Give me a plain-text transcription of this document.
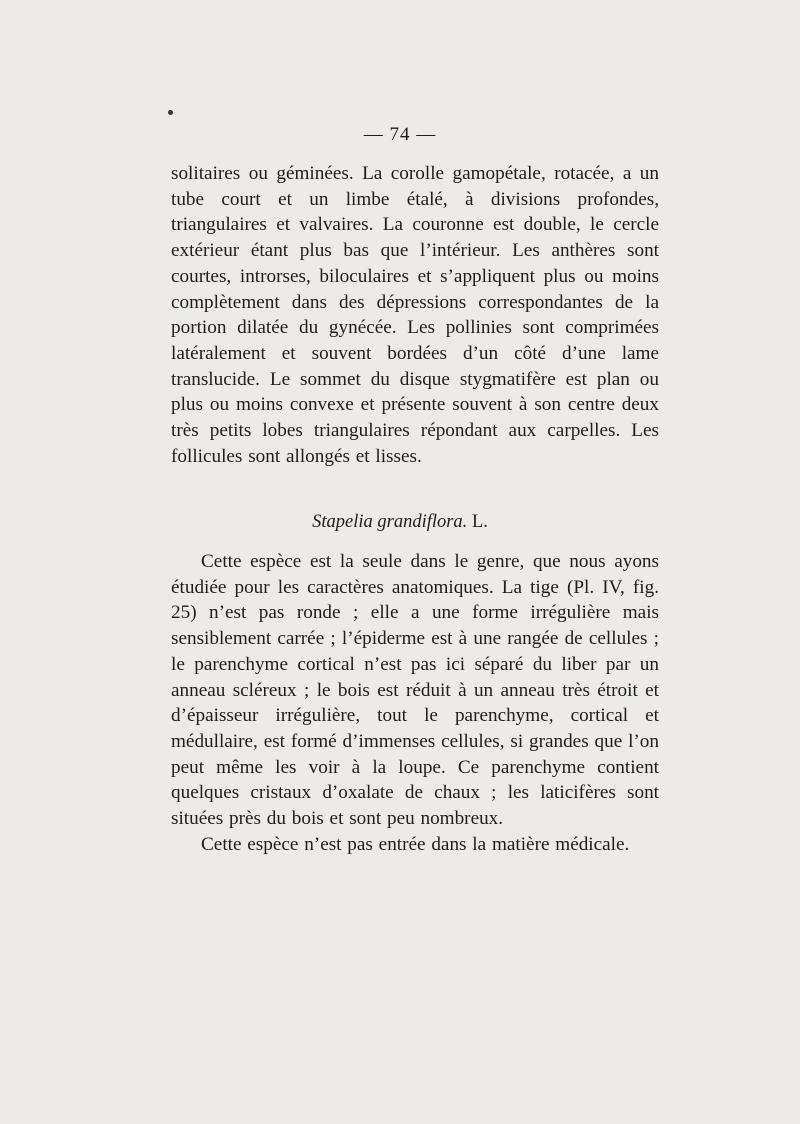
— 74 —

solitaires ou géminées. La corolle gamopétale, rotacée, a un tube court et un limbe étalé, à divisions profondes, triangulaires et valvaires. La couronne est double, le cercle extérieur étant plus bas que l’intérieur. Les anthères sont courtes, introrses, biloculaires et s’appliquent plus ou moins complètement dans des dépressions correspondantes de la portion dilatée du gynécée. Les pollinies sont comprimées latéralement et souvent bordées d’un côté d’une lame translucide. Le sommet du disque stygmatifère est plan ou plus ou moins convexe et présente souvent à son centre deux très petits lobes triangulaires répondant aux carpelles. Les follicules sont allongés et lisses.

Stapelia grandiflora. L.

Cette espèce est la seule dans le genre, que nous ayons étudiée pour les caractères anatomiques. La tige (Pl. IV, fig. 25) n’est pas ronde ; elle a une forme irrégulière mais sensiblement carrée ; l’épiderme est à une rangée de cellules ; le parenchyme cortical n’est pas ici séparé du liber par un anneau scléreux ; le bois est réduit à un anneau très étroit et d’épaisseur irrégulière, tout le parenchyme, cortical et médullaire, est formé d’immenses cellules, si grandes que l’on peut même les voir à la loupe. Ce parenchyme contient quelques cristaux d’oxalate de chaux ; les laticifères sont situées près du bois et sont peu nombreux.

Cette espèce n’est pas entrée dans la matière médicale.
